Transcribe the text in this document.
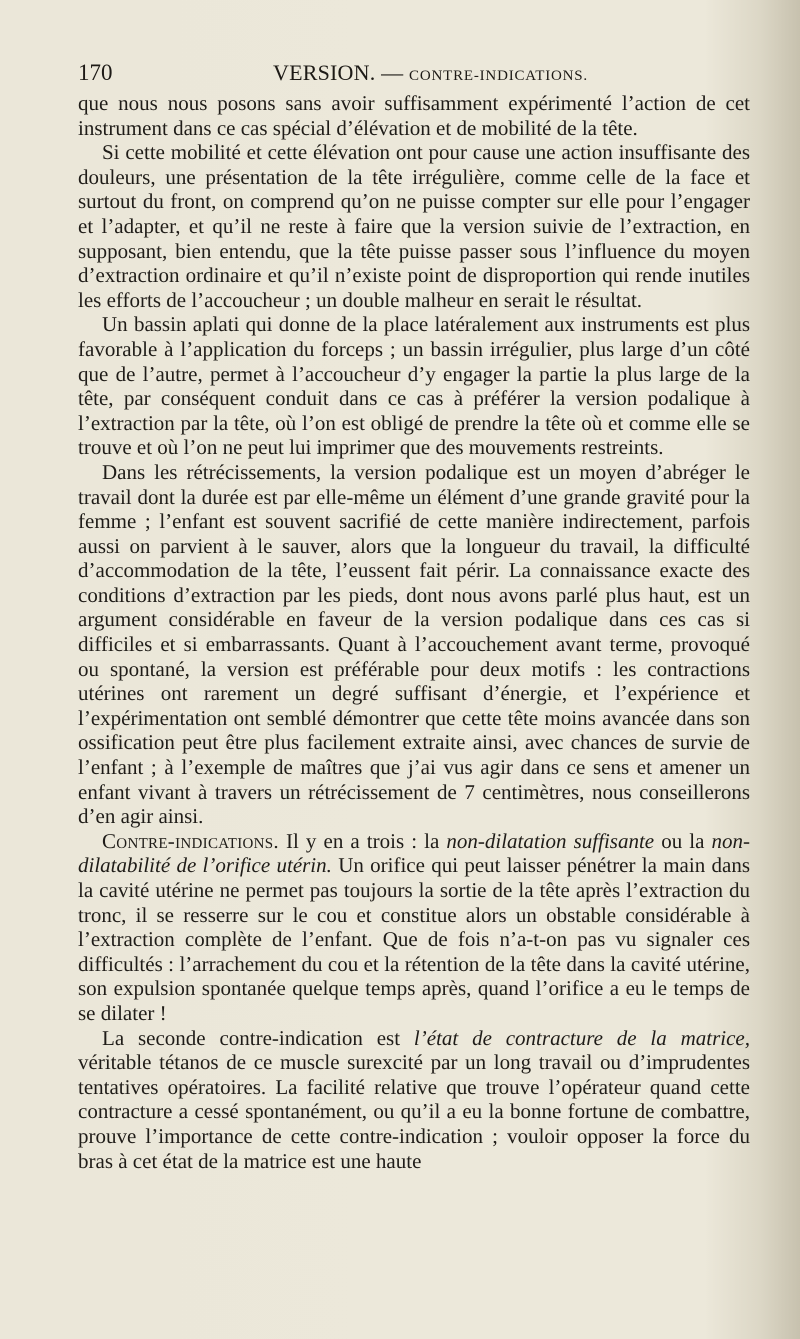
170	VERSION. — CONTRE-INDICATIONS.

que nous nous posons sans avoir suffisamment expérimenté l’action de cet instrument dans ce cas spécial d’élévation et de mobilité de la tête.

Si cette mobilité et cette élévation ont pour cause une action insuffisante des douleurs, une présentation de la tête irrégulière, comme celle de la face et surtout du front, on comprend qu’on ne puisse compter sur elle pour l’engager et l’adapter, et qu’il ne reste à faire que la version suivie de l’extraction, en supposant, bien entendu, que la tête puisse passer sous l’influence du moyen d’extraction ordinaire et qu’il n’existe point de disproportion qui rende inutiles les efforts de l’accoucheur ; un double malheur en serait le résultat.

Un bassin aplati qui donne de la place latéralement aux instruments est plus favorable à l’application du forceps ; un bassin irrégulier, plus large d’un côté que de l’autre, permet à l’accoucheur d’y engager la partie la plus large de la tête, par conséquent conduit dans ce cas à préférer la version podalique à l’extraction par la tête, où l’on est obligé de prendre la tête où et comme elle se trouve et où l’on ne peut lui imprimer que des mouvements restreints.

Dans les rétrécissements, la version podalique est un moyen d’abréger le travail dont la durée est par elle-même un élément d’une grande gravité pour la femme ; l’enfant est souvent sacrifié de cette manière indirectement, parfois aussi on parvient à le sauver, alors que la longueur du travail, la difficulté d’accommodation de la tête, l’eussent fait périr. La connaissance exacte des conditions d’extraction par les pieds, dont nous avons parlé plus haut, est un argument considérable en faveur de la version podalique dans ces cas si difficiles et si embarrassants. Quant à l’accouchement avant terme, provoqué ou spontané, la version est préférable pour deux motifs : les contractions utérines ont rarement un degré suffisant d’énergie, et l’expérience et l’expérimentation ont semblé démontrer que cette tête moins avancée dans son ossification peut être plus facilement extraite ainsi, avec chances de survie de l’enfant ; à l’exemple de maîtres que j’ai vus agir dans ce sens et amener un enfant vivant à travers un rétrécissement de 7 centimètres, nous conseillerons d’en agir ainsi.

Contre-indications. Il y en a trois : la non-dilatation suffisante ou la non-dilatabilité de l’orifice utérin. Un orifice qui peut laisser pénétrer la main dans la cavité utérine ne permet pas toujours la sortie de la tête après l’extraction du tronc, il se resserre sur le cou et constitue alors un obstable considérable à l’extraction complète de l’enfant. Que de fois n’a-t-on pas vu signaler ces difficultés : l’arrachement du cou et la rétention de la tête dans la cavité utérine, son expulsion spontanée quelque temps après, quand l’orifice a eu le temps de se dilater !

La seconde contre-indication est l’état de contracture de la matrice, véritable tétanos de ce muscle surexcité par un long travail ou d’imprudentes tentatives opératoires. La facilité relative que trouve l’opérateur quand cette contracture a cessé spontanément, ou qu’il a eu la bonne fortune de combattre, prouve l’importance de cette contre-indication ; vouloir opposer la force du bras à cet état de la matrice est une haute
